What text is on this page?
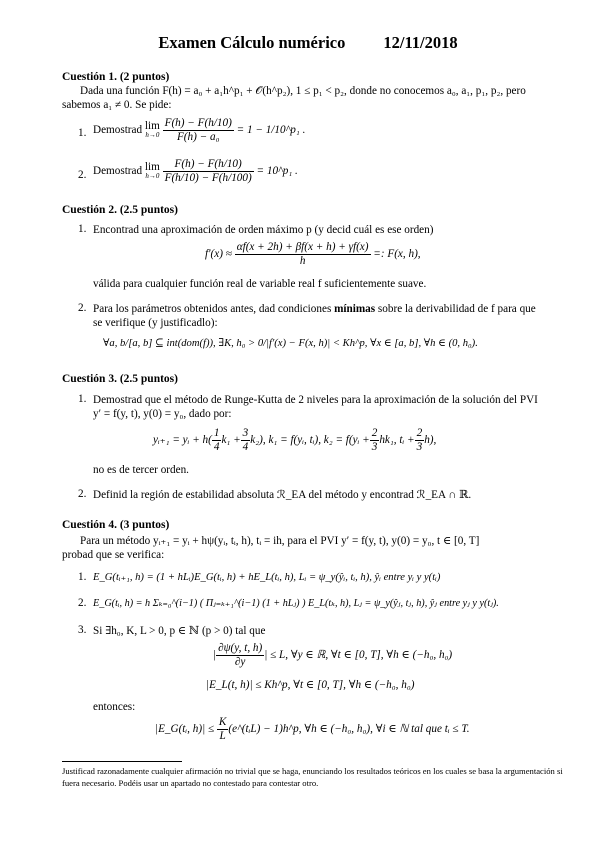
Examen Cálculo numérico 12/11/2018
Cuestión 1. (2 puntos)
Dada una función F(h) = a₀ + a₁h^p₁ + 𝒪(h^p₂), 1 ≤ p₁ < p₂, donde no conocemos a₀, a₁, p₁, p₂, pero
sabemos a₁ ≠ 0. Se pide:
1. Demostrad lim
h→0
$\frac{F(h) - F(h/10)}{\text{F(h) − a₀}} = 1$ − 1/10^p₁ .
2. Demostrad lim
h→0
$\frac{F(h) - F(h/10)}{F(h/10) - F(h/100)}$ = 10^p₁ .
Cuestión 2. (2.5 puntos)
1. Encontrad una aproximación de orden máximo p (y decid cuál es ese orden)
$f'(x) \approx \frac{\alpha f(x + 2h) + \beta f(x + h) + \gamma f(x)}{h}$ =: F(x, h),
válida para cualquier función real de variable real f suficientemente suave.
2. Para los parámetros obtenidos antes, dad condiciones mínimas sobre la derivabilidad de f para que
se verifique (y justificadlo):
∀a, b/[a, b] ⊆ int(dom(f)), ∃K, h₀ > 0/|f′(x) − F(x, h)| < Kh^p, ∀x ∈ [a, b], ∀h ∈ (0, h₀).
Cuestión 3. (2.5 puntos)
1. Demostrad que el método de Runge-Kutta de 2 niveles para la aproximación de la solución del PVI
y′ = f(y, t), y(0) = y₀, dado por:
yᵢ₊₁ = yᵢ + $h( \frac{1}{4} k_1 + \frac{3}{4} k_2)$, k₁ = f(yᵢ, tᵢ), k₂ = f(yᵢ + $\frac{2}{3} hk_1$, tᵢ + $\frac{2}{3} h$),
no es de tercer orden.
2. Definid la región de estabilidad absoluta ℛ_EA del método y encontrad ℛ_EA ∩ ℝ.
Cuestión 4. (3 puntos)
Para un método yᵢ₊₁ = yᵢ + hψ(yᵢ, tᵢ, h), tᵢ = ih, para el PVI y′ = f(y, t), y(0) = y₀, t ∈ [0, T]
probad que se verifica:
1. E_G(tᵢ₊₁, h) = (1 + hLᵢ)E_G(tᵢ, h) + hE_L(tᵢ, h), Lᵢ = ψ_y(ŷᵢ, tᵢ, h), ŷᵢ entre yᵢ y y(tᵢ)
2. E_G(tᵢ, h) = h Σₖ₌₀^(i−1) ( Πⱼ₌ₖ₊₁^(i−1) (1 + hLⱼ) ) E_L(tₖ, h), Lⱼ = ψ_y(ŷⱼ, tⱼ, h), ŷⱼ entre yⱼ y y(tⱼ).
3. Si ∃h₀, K, L > 0, p ∈ ℕ (p > 0) tal que
| $\frac{\partial\psi(y, t, h)}{\partial y}$ | ≤ L, ∀y ∈ ℝ, ∀t ∈ [0, T], ∀h ∈ (−h₀, h₀)
|E_L(t, h)| ≤ Kh^p, ∀t ∈ [0, T], ∀h ∈ (−h₀, h₀)
entonces:
|E_G(tᵢ, $h)| \le \frac{K}{L}$ (e^(tᵢL) − 1)h^p, ∀h ∈ (−h₀, h₀), ∀i ∈ ℕ tal que tᵢ ≤ T.
Justificad razonadamente cualquier afirmación no trivial que se haga, enunciando los resultados teóricos en los cuales se basa la argumentación si fuera necesario. Podéis usar un apartado no contestado para contestar otro.
